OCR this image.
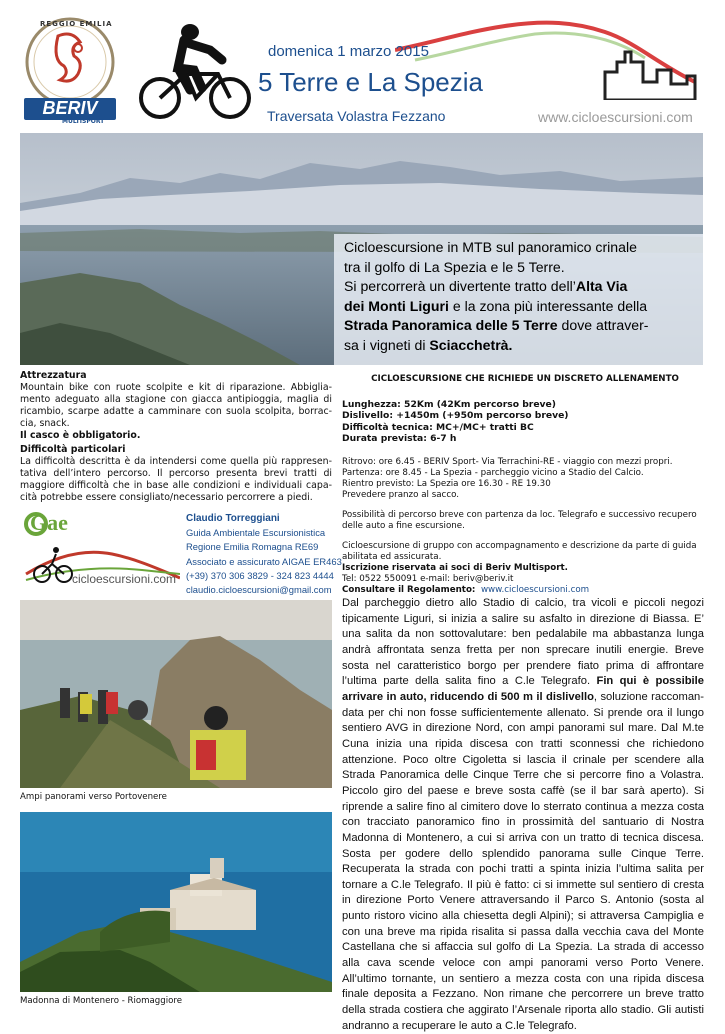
REGGIO EMILIA
BERIV
MULTISPORT
domenica 1 marzo 2015
5 Terre e La Spezia
Traversata Volastra Fezzano	www.cicloescursioni.com
Cicloescursione in MTB sul panoramico crinale
tra il golfo di La Spezia e le 5 Terre.
Si percorrerà un divertente tratto dell’Alta Via
dei Monti Liguri e la zona più interessante della
Strada Panoramica delle 5 Terre dove attraver-
sa i vigneti di Sciacchetrà.

Attrezzatura

Mountain bike con ruote scolpite e kit di riparazione. Abbiglia-mento adeguato alla stagione con giacca antipioggia, maglia di ricambio, scarpe adatte a camminare con suola scolpita, borrac-cia, snack.

Il casco è obbligatorio.

Difficoltà particolari

La difficoltà descritta è da intendersi come quella più rappresen-tativa dell’intero percorso. Il percorso presenta brevi tratti di maggiore difficoltà che in base alle condizioni e individuali capa-cità potrebbe essere consigliato/necessario percorrere a piedi.

Gae
cicloescursioni.com
Claudio Torreggiani
Guida Ambientale Escursionistica
Regione Emilia Romagna RE69
Associato e assicurato AIGAE ER463
(+39) 370 306 3829 - 324 823 4444
claudio.cicloescursioni@gmail.com

CICLOESCURSIONE CHE RICHIEDE UN DISCRETO ALLENAMENTO

Lunghezza: 52Km (42Km percorso breve)

Dislivello: +1450m (+950m percorso breve)

Difficoltà tecnica: MC+/MC+ tratti BC

Durata prevista: 6-7 h

Ritrovo: ore 6.45 - BERIV Sport- Via Terrachini-RE - viaggio con mezzi propri.

Partenza: ore 8.45 - La Spezia - parcheggio vicino a Stadio del Calcio.

Rientro previsto: La Spezia ore 16.30 - RE 19.30

Prevedere pranzo al sacco.

Possibilità di percorso breve con partenza da loc. Telegrafo e successivo recupero

delle auto a fine escursione.

Cicloescursione di gruppo con accompagnamento e descrizione da parte di guida

abilitata ed assicurata.

Iscrizione riservata ai soci di Beriv Multisport.

Tel: 0522 550091 e-mail: beriv@beriv.it

Consultare il Regolamento: www.cicloescursioni.com

Ampi panorami verso Portovenere
Madonna di Montenero - Riomaggiore
Dal parcheggio dietro allo Stadio di calcio, tra vicoli e piccoli negozi tipicamente Liguri, si inizia a salire su asfalto in direzione di Biassa. E’ una salita da non sottovalutare: ben pedalabile ma abbastanza lunga andrà affrontata senza fretta per non sprecare inutili energie. Breve sosta nel caratteristico borgo per prendere fiato prima di affrontare l’ultima parte della salita fino a C.le Telegrafo. Fin qui è possibile arrivare in auto, riducendo di 500 m il dislivello, soluzione raccoman-data per chi non fosse sufficientemente allenato. Si prende ora il lungo sentiero AVG in direzione Nord, con ampi panorami sul mare. Dal M.te Cuna inizia una ripida discesa con tratti sconnessi che richiedono attenzione. Poco oltre Cigoletta si lascia il crinale per scendere alla Strada Panoramica delle Cinque Terre che si percorre fino a Volastra. Piccolo giro del paese e breve sosta caffè (se il bar sarà aperto). Si riprende a salire fino al cimitero dove lo sterrato continua a mezza costa con tracciato panoramico fino in prossimità del santuario di Nostra Madonna di Montenero, a cui si arriva con un tratto di tecnica discesa. Sosta per godere dello splendido panorama sulle Cinque Terre. Recuperata la strada con pochi tratti a spinta inizia l’ultima salita per tornare a C.le Telegrafo. Il più è fatto: ci si immette sul sentiero di cresta in direzione Porto Venere attraversando il Parco S. Antonio (sosta al punto ristoro vicino alla chiesetta degli Alpini); si attraversa Campiglia e con una breve ma ripida risalita si passa dalla vecchia cava del Monte Castellana che si affaccia sul golfo di La Spezia. La strada di accesso alla cava scende veloce con ampi panorami verso Porto Venere. All’ultimo tornante, un sentiero a mezza costa con una ripida discesa finale deposita a Fezzano. Non rimane che percorrere un breve tratto della strada costiera che aggirato l’Arsenale riporta allo stadio. Gli autisti andranno a recuperare le auto a C.le Telegrafo.
